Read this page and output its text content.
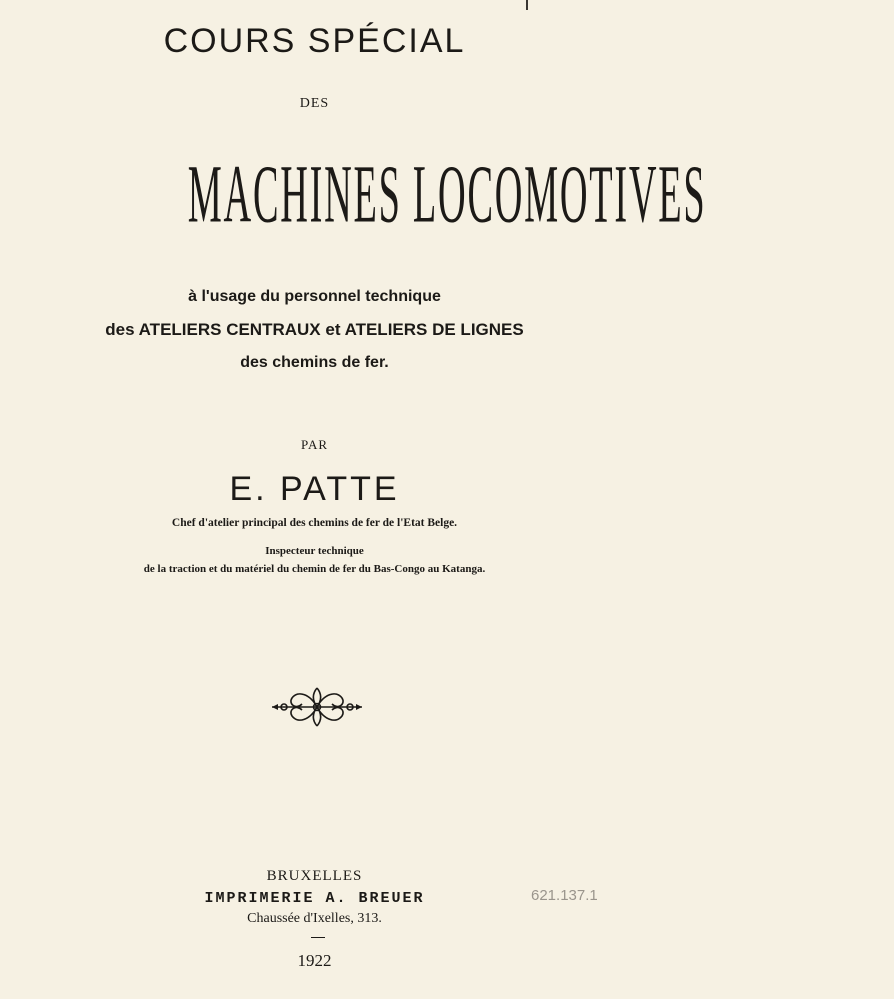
COURS SPÉCIAL
DES
MACHINES LOCOMOTIVES
à l'usage du personnel technique
des ATELIERS CENTRAUX et ATELIERS DE LIGNES
des chemins de fer.
PAR
E. PATTE
Chef d'atelier principal des chemins de fer de l'Etat Belge.
Inspecteur technique
de la traction et du matériel du chemin de fer du Bas-Congo au Katanga.
BRUXELLES
IMPRIMERIE A. BREUER
Chaussée d'Ixelles, 313.
1922
621.137.1
